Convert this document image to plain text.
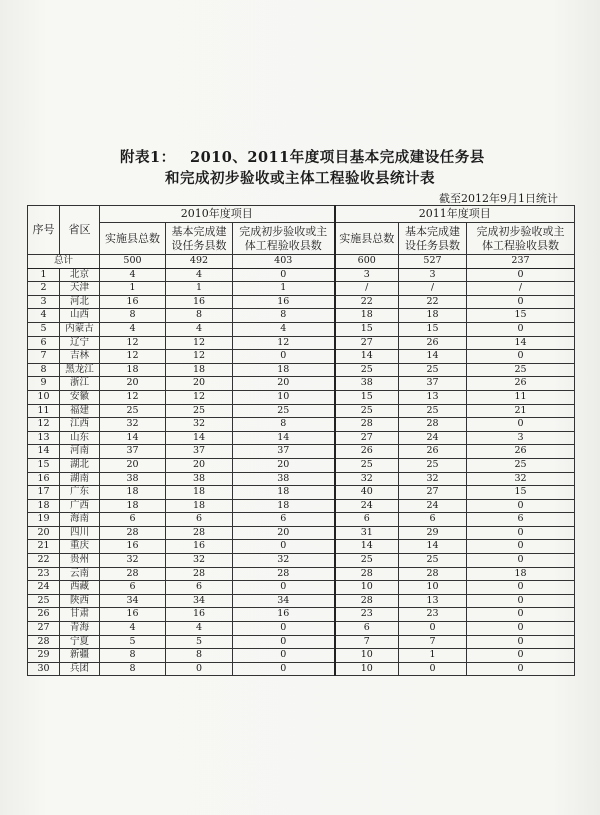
附表1： 2010、2011年度项目基本完成建设任务县
和完成初步验收或主体工程验收县统计表
截至2012年9月1日统计
序号	省区	2010年度项目			2011年度项目		
		实施县总数	基本完成建
设任务县数	完成初步验收或主
体工程验收县数	实施县总数	基本完成建
设任务县数	完成初步验收或主
体工程验收县数

总计		500	492	403	600	527	237
1	北京	4	4	0	3	3	0
2	天津	1	1	1	/	/	/
3	河北	16	16	16	22	22	0
4	山西	8	8	8	18	18	15
5	内蒙古	4	4	4	15	15	0
6	辽宁	12	12	12	27	26	14
7	吉林	12	12	0	14	14	0
8	黑龙江	18	18	18	25	25	25
9	浙江	20	20	20	38	37	26
10	安徽	12	12	10	15	13	11
11	福建	25	25	25	25	25	21
12	江西	32	32	8	28	28	0
13	山东	14	14	14	27	24	3
14	河南	37	37	37	26	26	26
15	湖北	20	20	20	25	25	25
16	湖南	38	38	38	32	32	32
17	广东	18	18	18	40	27	15
18	广西	18	18	18	24	24	0
19	海南	6	6	6	6	6	6
20	四川	28	28	20	31	29	0
21	重庆	16	16	0	14	14	0
22	贵州	32	32	32	25	25	0
23	云南	28	28	28	28	28	18
24	西藏	6	6	0	10	10	0
25	陕西	34	34	34	28	13	0
26	甘肃	16	16	16	23	23	0
27	青海	4	4	0	6	0	0
28	宁夏	5	5	0	7	7	0
29	新疆	8	8	0	10	1	0
30	兵团	8	0	0	10	0	0
